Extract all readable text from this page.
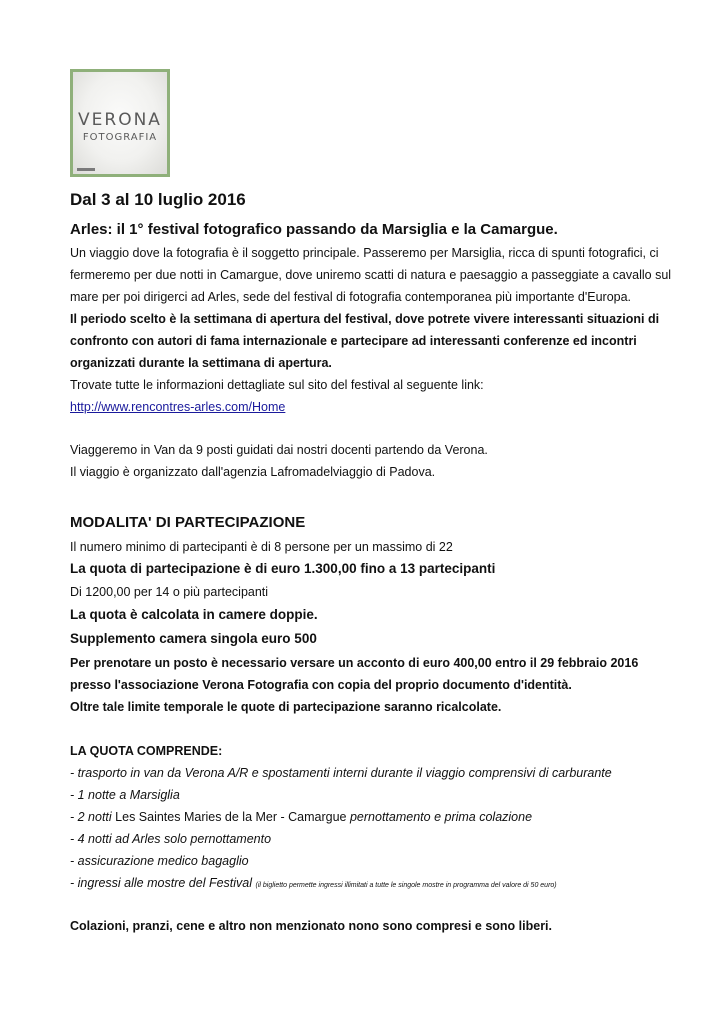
VERONA
FOTOGRAFIA
Dal 3 al 10 luglio 2016
Arles: il 1° festival fotografico passando da Marsiglia e la Camargue.
Un viaggio dove la fotografia è il soggetto principale. Passeremo per Marsiglia, ricca di spunti fotografici, ci
fermeremo per due notti in Camargue, dove uniremo scatti di natura e paesaggio a passeggiate a cavallo sul
mare per poi dirigerci ad Arles, sede del festival di fotografia contemporanea più importante d'Europa.
Il periodo scelto è la settimana di apertura del festival, dove potrete vivere interessanti situazioni di
confronto con autori di fama internazionale e partecipare ad interessanti conferenze ed incontri
organizzati durante la settimana di apertura.
Trovate tutte le informazioni dettagliate sul sito del festival al seguente link:
http://www.rencontres-arles.com/Home
Viaggeremo in Van da 9 posti guidati dai nostri docenti partendo da Verona.
Il viaggio è organizzato dall'agenzia Lafromadelviaggio di Padova.
MODALITA' DI PARTECIPAZIONE
Il numero minimo di partecipanti è di 8 persone per un massimo di 22
La quota di partecipazione è di euro 1.300,00 fino a 13 partecipanti
Di 1200,00 per 14 o più partecipanti
La quota è calcolata in camere doppie.
Supplemento camera singola euro 500
Per prenotare un posto è necessario versare un acconto di euro 400,00 entro il 29 febbraio 2016
presso l'associazione Verona Fotografia con copia del proprio documento d'identità.
Oltre tale limite temporale le quote di partecipazione saranno ricalcolate.
LA QUOTA COMPRENDE:
- trasporto in van da Verona A/R e spostamenti interni durante il viaggio comprensivi di carburante
- 1 notte a Marsiglia
- 2 notti Les Saintes Maries de la Mer - Camargue pernottamento e prima colazione
- 4 notti ad Arles solo pernottamento
- assicurazione medico bagaglio
- ingressi alle mostre del Festival (il biglietto permette ingressi illimitati a tutte le singole mostre in programma del valore di 50 euro)
Colazioni, pranzi, cene e altro non menzionato nono sono compresi e sono liberi.
